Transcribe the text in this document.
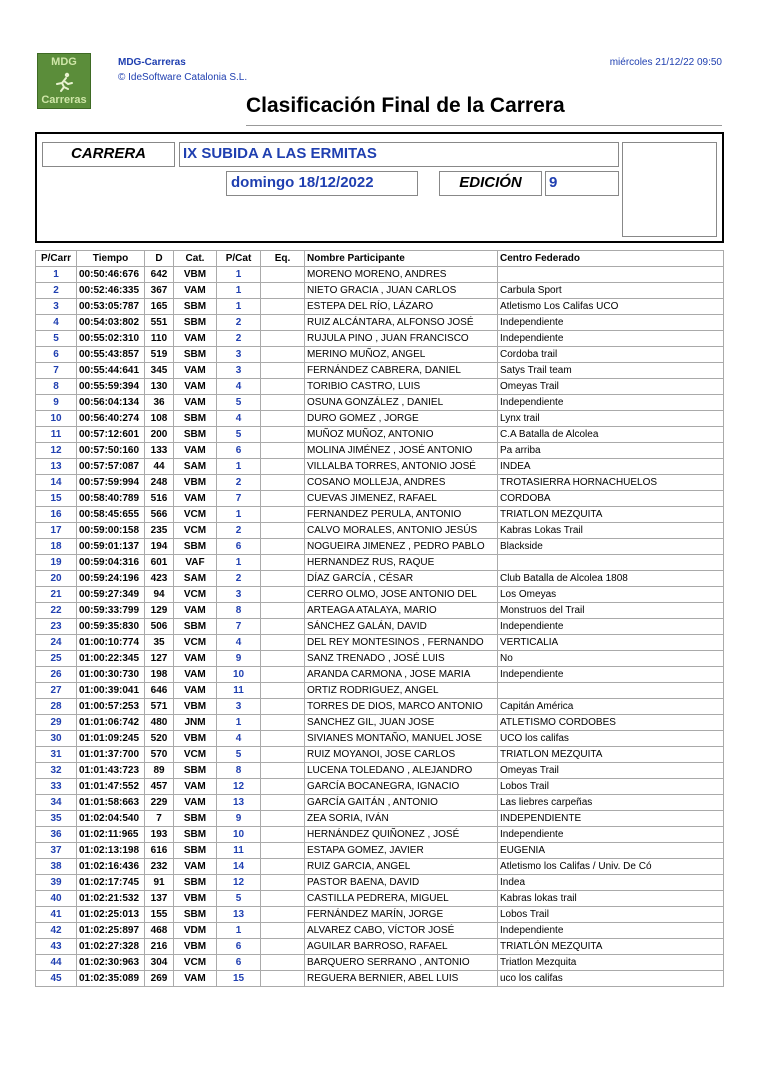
MDG
Carreras
MDG-Carreras
© IdeSoftware Catalonia S.L.
miércoles 21/12/22 09:50
Clasificación Final de la Carrera
CARRERA	IX SUBIDA A LAS ERMITAS
domingo 18/12/2022	EDICIÓN	9
P/Carr	Tiempo	D	Cat.	P/Cat	Eq.	Nombre Participante	Centro Federado
1	00:50:46:676	642	VBM	1		MORENO MORENO, ANDRES	
2	00:52:46:335	367	VAM	1		NIETO GRACIA , JUAN CARLOS	Carbula Sport
3	00:53:05:787	165	SBM	1		ESTEPA DEL RÍO, LÁZARO	Atletismo Los Califas UCO
4	00:54:03:802	551	SBM	2		RUIZ ALCÁNTARA, ALFONSO JOSÉ	Independiente
5	00:55:02:310	110	VAM	2		RUJULA PINO , JUAN FRANCISCO	Independiente
6	00:55:43:857	519	SBM	3		MERINO MUÑOZ, ANGEL	Cordoba trail
7	00:55:44:641	345	VAM	3		FERNÁNDEZ CABRERA, DANIEL	Satys Trail team
8	00:55:59:394	130	VAM	4		TORIBIO CASTRO, LUIS	Omeyas Trail
9	00:56:04:134	36	VAM	5		OSUNA GONZÁLEZ , DANIEL	Independiente
10	00:56:40:274	108	SBM	4		DURO GOMEZ , JORGE	Lynx trail
11	00:57:12:601	200	SBM	5		MUÑOZ MUÑOZ, ANTONIO	C.A Batalla de Alcolea
12	00:57:50:160	133	VAM	6		MOLINA JIMÉNEZ , JOSÉ ANTONIO	Pa arriba
13	00:57:57:087	44	SAM	1		VILLALBA TORRES, ANTONIO JOSÉ	INDEA
14	00:57:59:994	248	VBM	2		COSANO MOLLEJA, ANDRES	TROTASIERRA HORNACHUELOS
15	00:58:40:789	516	VAM	7		CUEVAS JIMENEZ, RAFAEL	CORDOBA
16	00:58:45:655	566	VCM	1		FERNANDEZ PERULA, ANTONIO	TRIATLON MEZQUITA
17	00:59:00:158	235	VCM	2		CALVO MORALES, ANTONIO JESÚS	Kabras Lokas Trail
18	00:59:01:137	194	SBM	6		NOGUEIRA JIMENEZ , PEDRO PABLO	Blackside
19	00:59:04:316	601	VAF	1		HERNANDEZ RUS, RAQUE	
20	00:59:24:196	423	SAM	2		DÍAZ GARCÍA , CÉSAR	Club Batalla de Alcolea 1808
21	00:59:27:349	94	VCM	3		CERRO OLMO, JOSE ANTONIO DEL	Los Omeyas
22	00:59:33:799	129	VAM	8		ARTEAGA ATALAYA, MARIO	Monstruos del Trail
23	00:59:35:830	506	SBM	7		SÁNCHEZ GALÁN, DAVID	Independiente
24	01:00:10:774	35	VCM	4		DEL REY MONTESINOS , FERNANDO	VERTICALIA
25	01:00:22:345	127	VAM	9		SANZ TRENADO , JOSÉ LUIS	No
26	01:00:30:730	198	VAM	10		ARANDA CARMONA , JOSE MARIA	Independiente
27	01:00:39:041	646	VAM	11		ORTIZ RODRIGUEZ, ANGEL	
28	01:00:57:253	571	VBM	3		TORRES DE DIOS, MARCO ANTONIO	Capitán América
29	01:01:06:742	480	JNM	1		SANCHEZ GIL, JUAN JOSE	ATLETISMO CORDOBES
30	01:01:09:245	520	VBM	4		SIVIANES MONTAÑO, MANUEL JOSE	UCO los califas
31	01:01:37:700	570	VCM	5		RUIZ MOYANOI, JOSE CARLOS	TRIATLON MEZQUITA
32	01:01:43:723	89	SBM	8		LUCENA TOLEDANO , ALEJANDRO	Omeyas Trail
33	01:01:47:552	457	VAM	12		GARCÍA BOCANEGRA, IGNACIO	Lobos Trail
34	01:01:58:663	229	VAM	13		GARCÍA GAITÁN , ANTONIO	Las liebres carpeñas
35	01:02:04:540	7	SBM	9		ZEA SORIA, IVÁN	INDEPENDIENTE
36	01:02:11:965	193	SBM	10		HERNÁNDEZ QUIÑONEZ , JOSÉ	Independiente
37	01:02:13:198	616	SBM	11		ESTAPA GOMEZ, JAVIER	EUGENIA
38	01:02:16:436	232	VAM	14		RUIZ GARCIA, ANGEL	Atletismo los Califas / Univ. De Có
39	01:02:17:745	91	SBM	12		PASTOR BAENA, DAVID	Indea
40	01:02:21:532	137	VBM	5		CASTILLA PEDRERA, MIGUEL	Kabras lokas trail
41	01:02:25:013	155	SBM	13		FERNÁNDEZ MARÍN, JORGE	Lobos Trail
42	01:02:25:897	468	VDM	1		ALVAREZ CABO, VÍCTOR JOSÉ	Independiente
43	01:02:27:328	216	VBM	6		AGUILAR BARROSO, RAFAEL	TRIATLÓN MEZQUITA
44	01:02:30:963	304	VCM	6		BARQUERO SERRANO , ANTONIO	Triatlon Mezquita
45	01:02:35:089	269	VAM	15		REGUERA BERNIER, ABEL LUIS	uco los califas
